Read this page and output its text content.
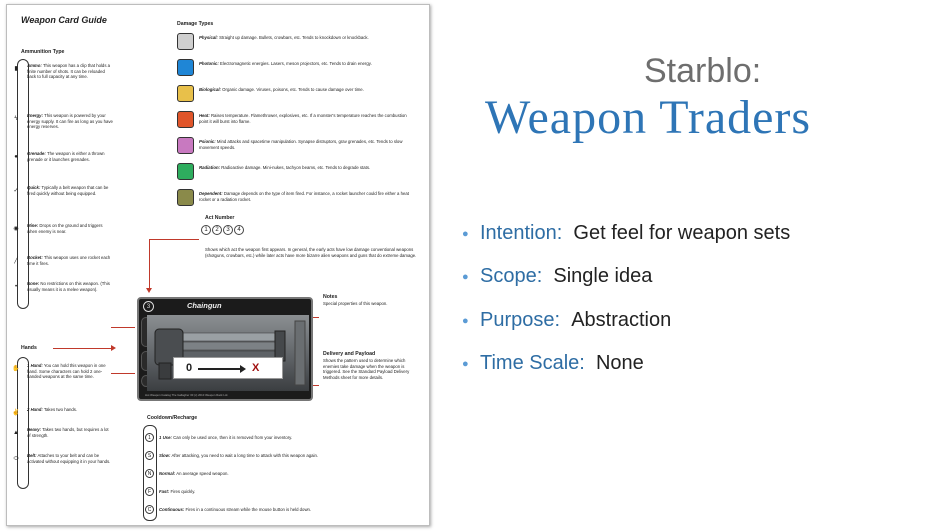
Weapon Card Guide
Ammunition Type
▮
Ammo: This weapon has a clip that holds a finite number of shots. It can be reloaded back to full capacity at any time.
ϟ
Energy: This weapon is powered by your energy supply. It can fire as long as you have energy reserves.
●
Grenade: The weapon is either a thrown grenade or it launches grenades.
✓
Quick: Typically a belt weapon that can be fired quickly without being equipped.
◉
Mine: Drops on the ground and triggers when enemy is near.
╱
Rocket: This weapon uses one rocket each time it fires.
•
None: No restrictions on this weapon. (This usually means it is a melee weapon).
Hands
✋
1 Hand: You can hold this weapon in one hand. Some characters can hold 2 one-handed weapons at the same time.
✌
2 Hand: Takes two hands.
▲
Heavy: Takes two hands, but requires a lot of strength.
⬭
Belt: Attaches to your belt and can be activated without equipping it in your hands.
Damage Types
Physical: Straight up damage. Bullets, crowbars, etc. Tends to knockdown or knockback.
Photonic: Electromagnetic energies. Lasers, meson projectors, etc. Tends to drain energy.
Biological: Organic damage. Viruses, poisons, etc. Tends to cause damage over time.
Heat: Raises temperature. Flamethrower, explosives, etc. If a monster's temperature reaches the combustion point it will burst into flame.
Psionic: Mind attacks and spacetime manipulation. Synapse distruptors, grav grenades, etc. Tends to slow movement speeds.
Radiation: Radioactive damage. Mini-nukes, tachyon beams, etc. Tends to degrade stats.
Dependent: Damage depends on the type of item fired. For instance, a rocket launcher could fire either a heat rocket or a radiation rocket.
Act Number
1 2 3 4
Shows which act the weapon first appears. In general, the early acts have low damage conventional weapons (shotguns, crowbars, etc.) while later acts have more bizarre alien weapons and guns that do extreme damage.
Notes
Special properties of this weapon.
Delivery and Payload
Shows the pattern used to determine which enemies take damage when the weapon is triggered. See the Standard Payload Delivery Methods sheet for more details.
3	Chaingun
0	X
Hot Weapon Catalog The Gallagher 30 (c) 2010 Weapon Rack Ltd.
Cooldown/Recharge
1	1 Use: Can only be used once, then it is removed from your inventory.
S	Slow: After attacking, you need to wait a long time to attack with this weapon again.
N	Normal: An average speed weapon.
F	Fast: Fires quickly.
C	Continuous: Fires in a continuous stream while the mouse button is held down.
Starblo:
Weapon Traders
● Intention: Get feel for weapon sets
● Scope: Single idea
● Purpose: Abstraction
● Time Scale: None
